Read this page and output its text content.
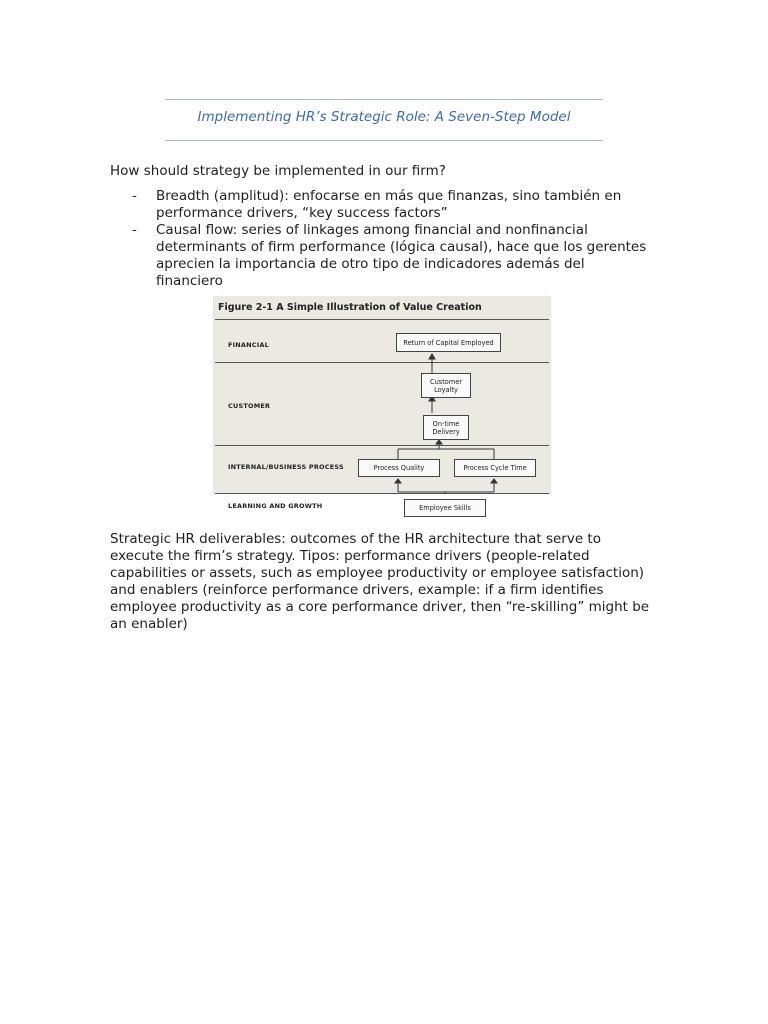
Implementing HR’s Strategic Role: A Seven-Step Model
How should strategy be implemented in our firm?
- Breadth (amplitud): enfocarse en más que finanzas, sino también en performance drivers, “key success factors”
- Causal flow: series of linkages among financial and nonfinancial determinants of firm performance (lógica causal), hace que los gerentes aprecien la importancia de otro tipo de indicadores además del financiero
Figure 2-1 A Simple Illustration of Value Creation
FINANCIAL
CUSTOMER
INTERNAL/BUSINESS PROCESS
LEARNING AND GROWTH
Return of Capital Employed
Customer Loyalty
On-time Delivery
Process Quality	Process Cycle Time
Employee Skills
Strategic HR deliverables: outcomes of the HR architecture that serve to execute the firm’s strategy. Tipos: performance drivers (people-related capabilities or assets, such as employee productivity or employee satisfaction) and enablers (reinforce performance drivers, example: if a firm identifies employee productivity as a core performance driver, then “re-skilling” might be an enabler)
